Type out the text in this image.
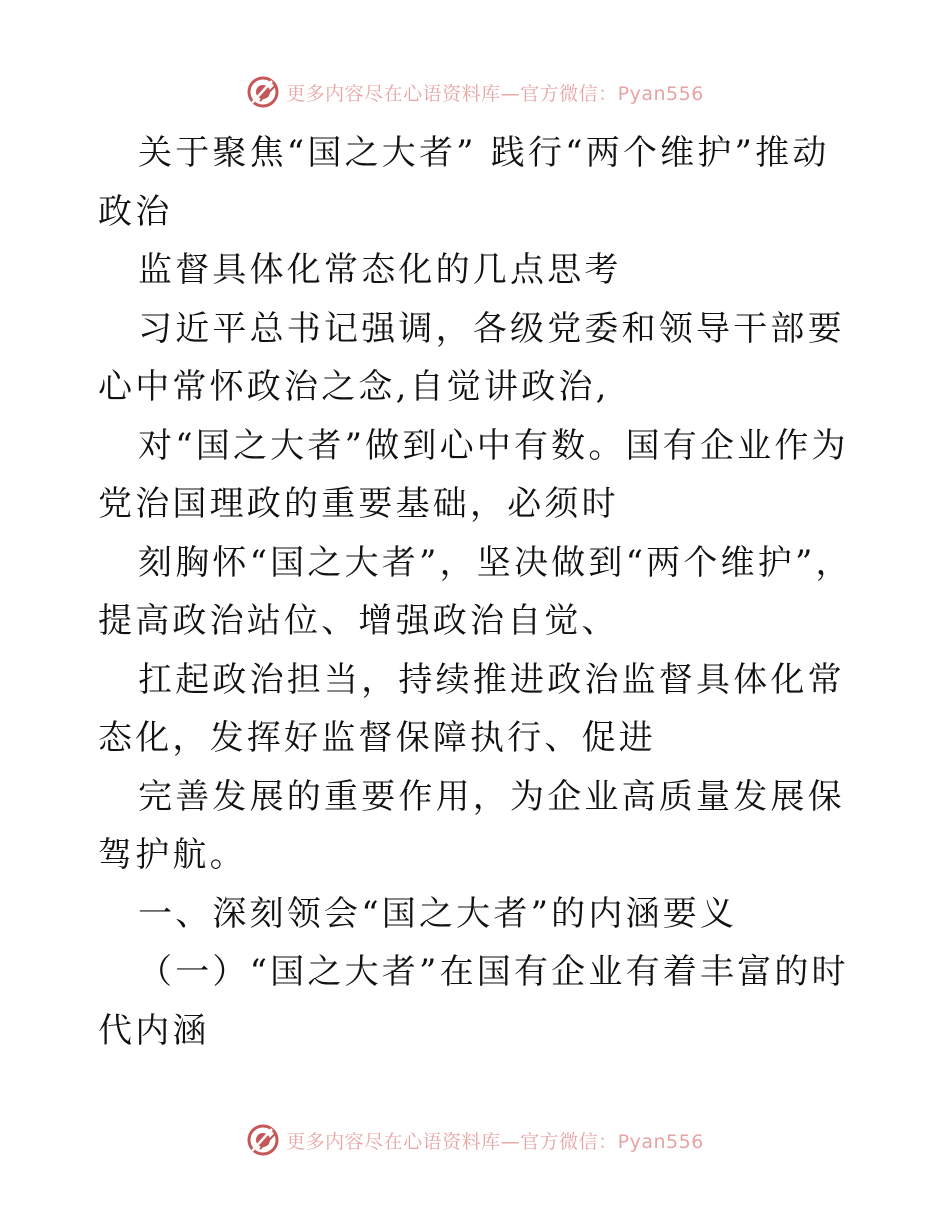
更多内容尽在心语资料库—官方微信：Pyan556

关于聚焦“国之大者” 践行“两个维护”推动政治

监督具体化常态化的几点思考

习近平总书记强调，各级党委和领导干部要心中常怀政治之念,自觉讲政治,

对“国之大者”做到心中有数。国有企业作为党治国理政的重要基础，必须时

刻胸怀“国之大者”，坚决做到“两个维护”，提高政治站位、增强政治自觉、

扛起政治担当，持续推进政治监督具体化常态化，发挥好监督保障执行、促进

完善发展的重要作用，为企业高质量发展保驾护航。

一、深刻领会“国之大者”的内涵要义

（一）“国之大者”在国有企业有着丰富的时代内涵

更多内容尽在心语资料库—官方微信：Pyan556
